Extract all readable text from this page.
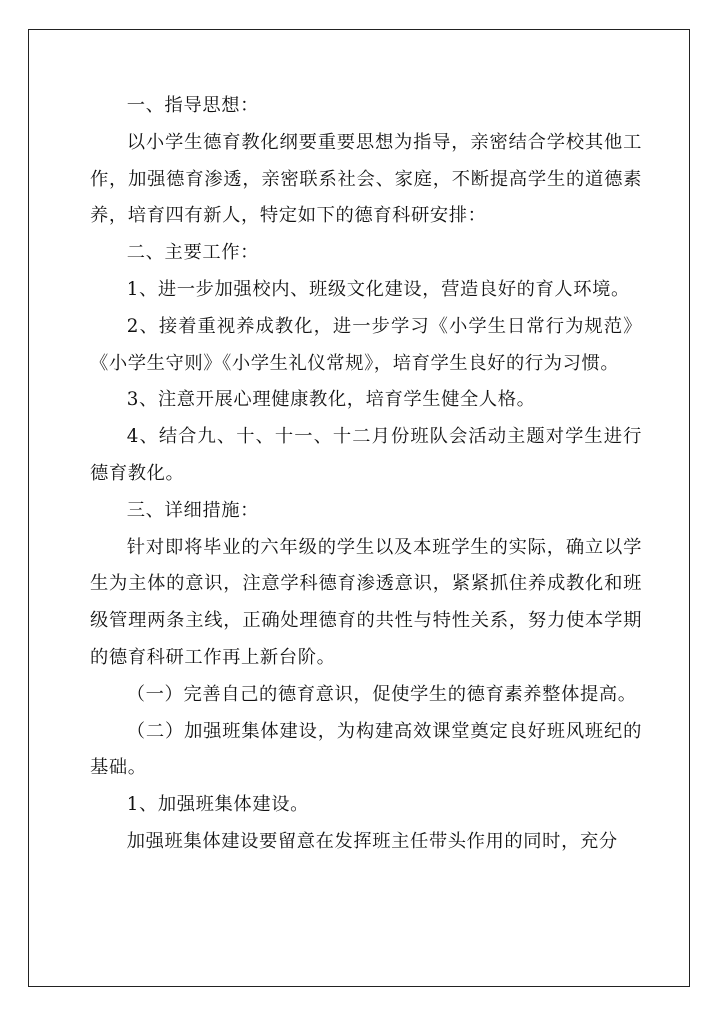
一、指导思想：

以小学生德育教化纲要重要思想为指导，亲密结合学校其他工作，加强德育渗透，亲密联系社会、家庭，不断提高学生的道德素养，培育四有新人，特定如下的德育科研安排：

二、主要工作：

1、进一步加强校内、班级文化建设，营造良好的育人环境。

2、接着重视养成教化，进一步学习《小学生日常行为规范》《小学生守则》《小学生礼仪常规》，培育学生良好的行为习惯。

3、注意开展心理健康教化，培育学生健全人格。

4、结合九、十、十一、十二月份班队会活动主题对学生进行德育教化。

三、详细措施：

针对即将毕业的六年级的学生以及本班学生的实际，确立以学生为主体的意识，注意学科德育渗透意识，紧紧抓住养成教化和班级管理两条主线，正确处理德育的共性与特性关系，努力使本学期的德育科研工作再上新台阶。

（一）完善自己的德育意识，促使学生的德育素养整体提高。

（二）加强班集体建设，为构建高效课堂奠定良好班风班纪的基础。

1、加强班集体建设。

加强班集体建设要留意在发挥班主任带头作用的同时，充分
